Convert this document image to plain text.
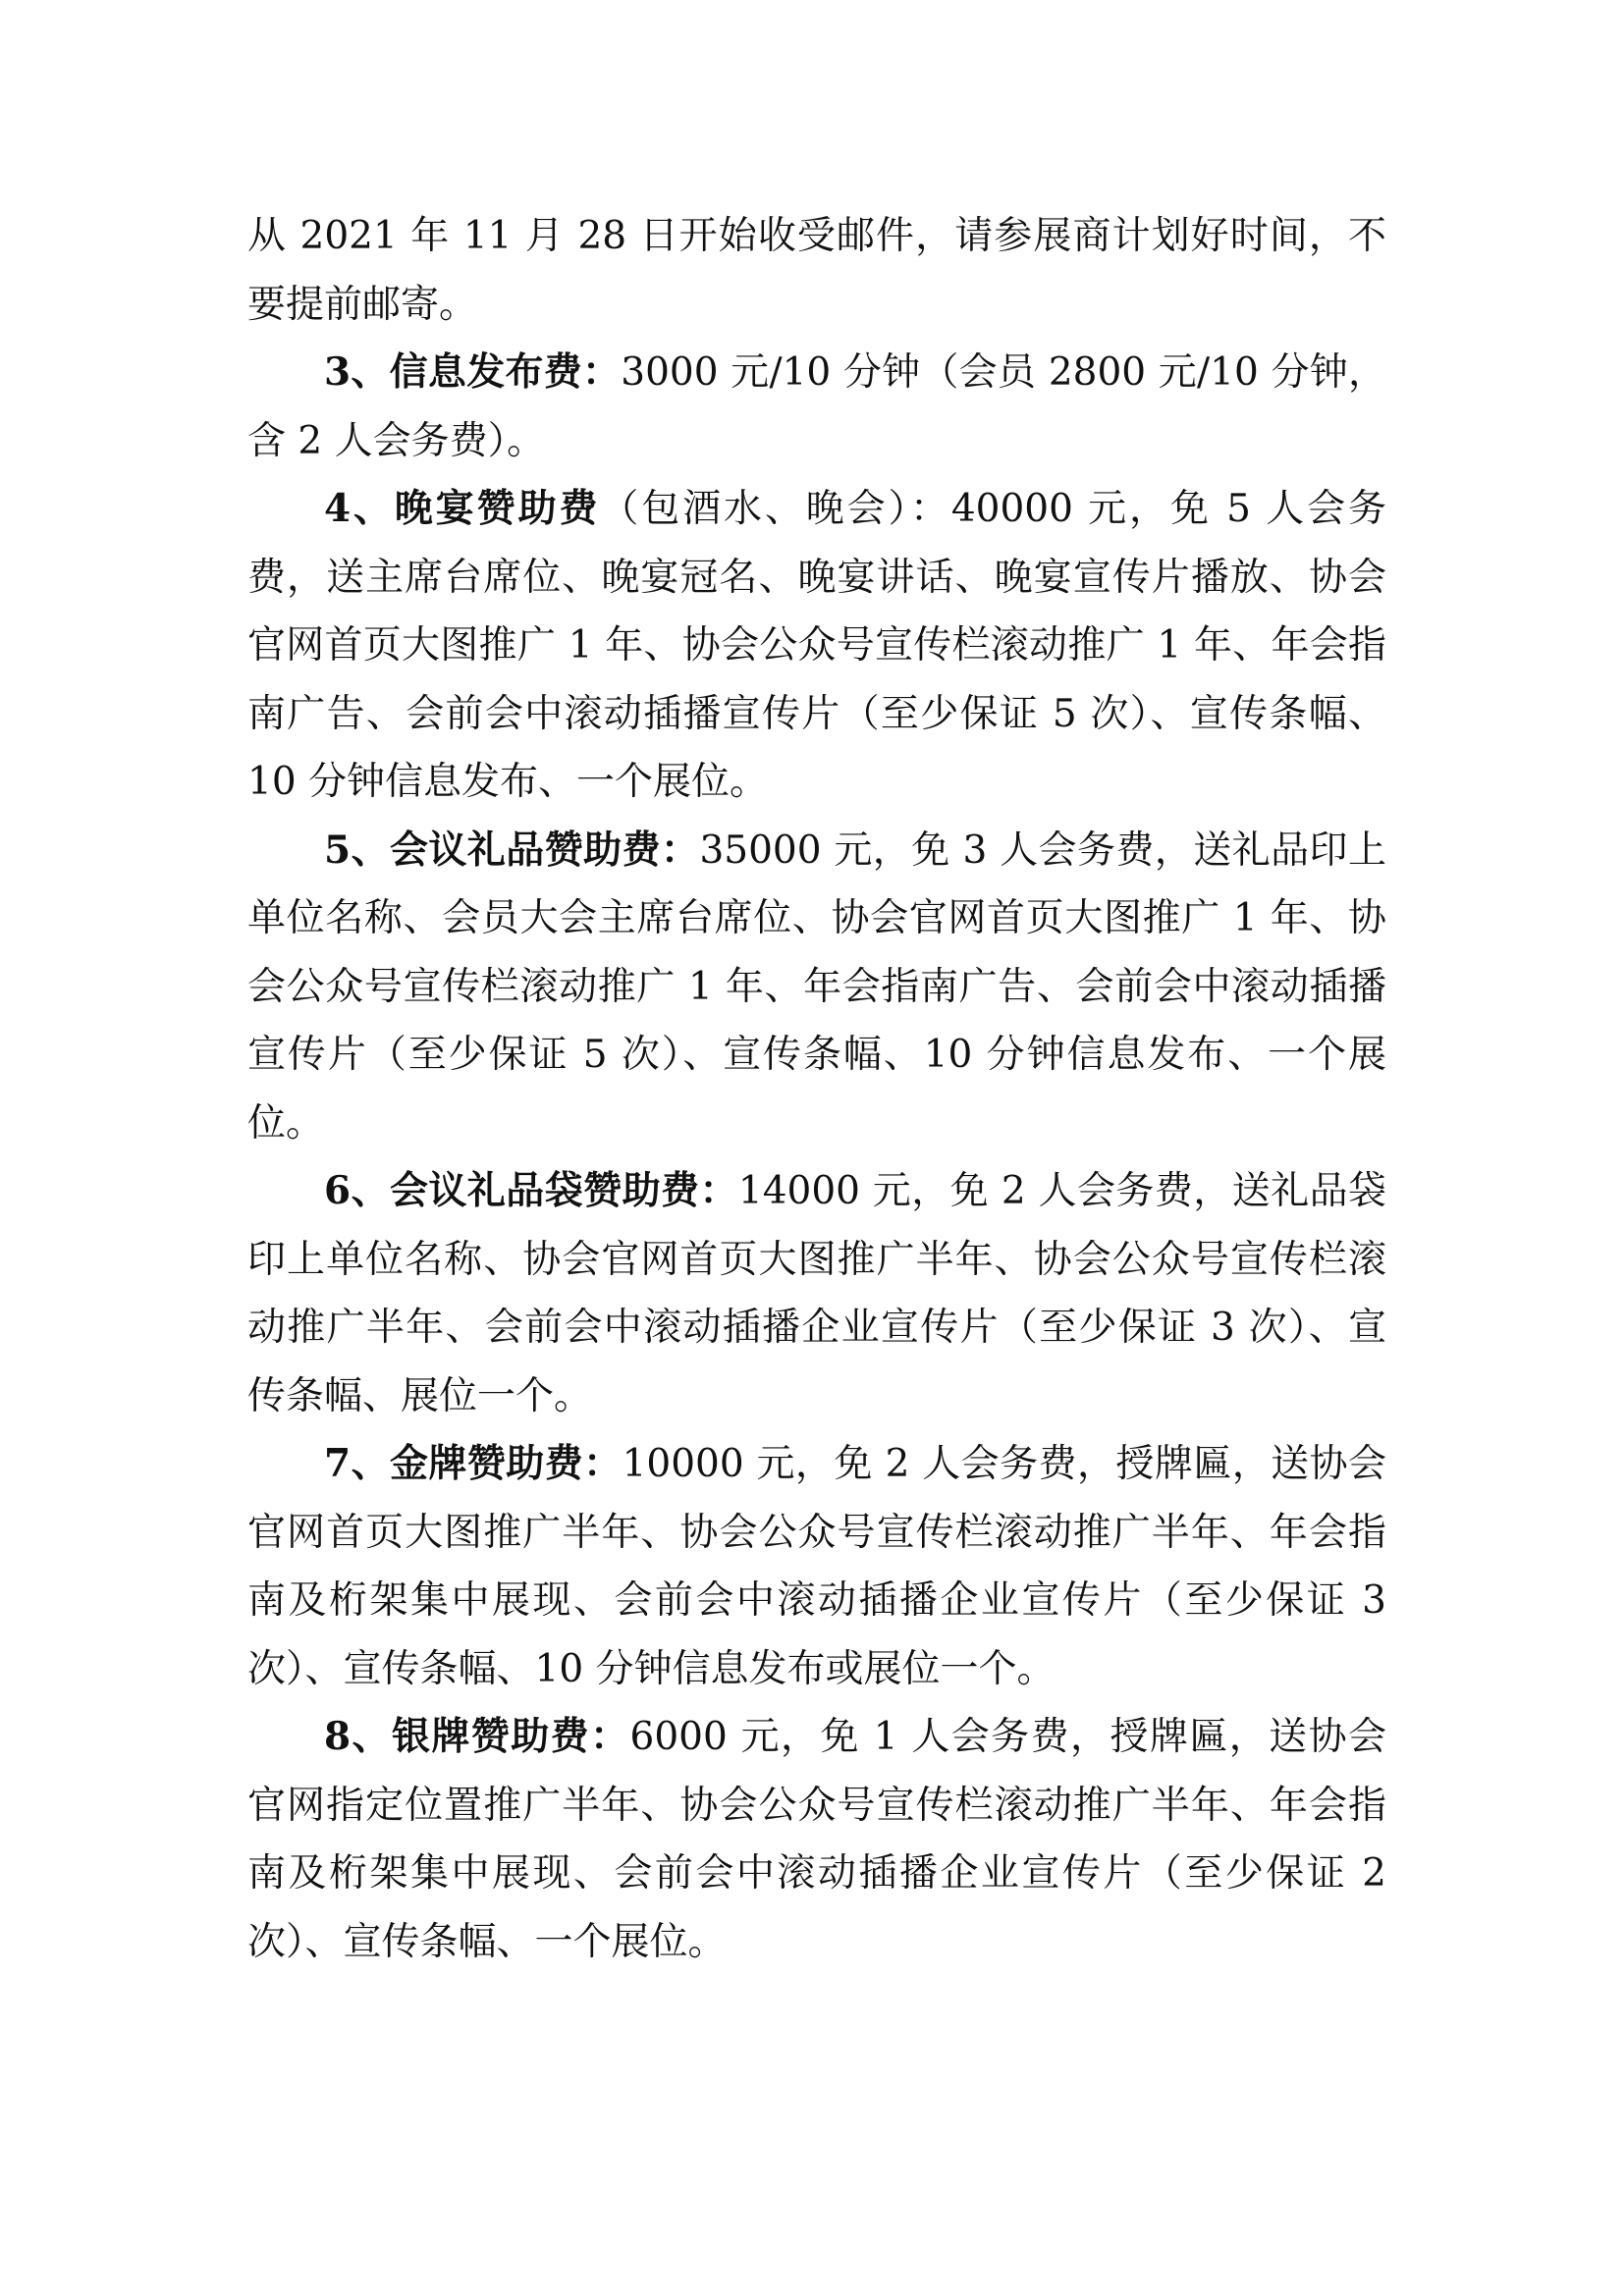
从 2021 年 11 月 28 日开始收受邮件，请参展商计划好时间，不要提前邮寄。

3、信息发布费：3000 元/10 分钟（会员 2800 元/10 分钟，含 2 人会务费）。

4、晚宴赞助费（包酒水、晚会）：40000 元，免 5 人会务费，送主席台席位、晚宴冠名、晚宴讲话、晚宴宣传片播放、协会官网首页大图推广 1 年、协会公众号宣传栏滚动推广 1 年、年会指南广告、会前会中滚动插播宣传片（至少保证 5 次）、宣传条幅、10 分钟信息发布、一个展位。

5、会议礼品赞助费：35000 元，免 3 人会务费，送礼品印上单位名称、会员大会主席台席位、协会官网首页大图推广 1 年、协会公众号宣传栏滚动推广 1 年、年会指南广告、会前会中滚动插播宣传片（至少保证 5 次）、宣传条幅、10 分钟信息发布、一个展位。

6、会议礼品袋赞助费：14000 元，免 2 人会务费，送礼品袋印上单位名称、协会官网首页大图推广半年、协会公众号宣传栏滚动推广半年、会前会中滚动插播企业宣传片（至少保证 3 次）、宣传条幅、展位一个。

7、金牌赞助费：10000 元，免 2 人会务费，授牌匾，送协会官网首页大图推广半年、协会公众号宣传栏滚动推广半年、年会指南及桁架集中展现、会前会中滚动插播企业宣传片（至少保证 3 次）、宣传条幅、10 分钟信息发布或展位一个。

8、银牌赞助费：6000 元，免 1 人会务费，授牌匾，送协会官网指定位置推广半年、协会公众号宣传栏滚动推广半年、年会指南及桁架集中展现、会前会中滚动插播企业宣传片（至少保证 2 次）、宣传条幅、一个展位。
